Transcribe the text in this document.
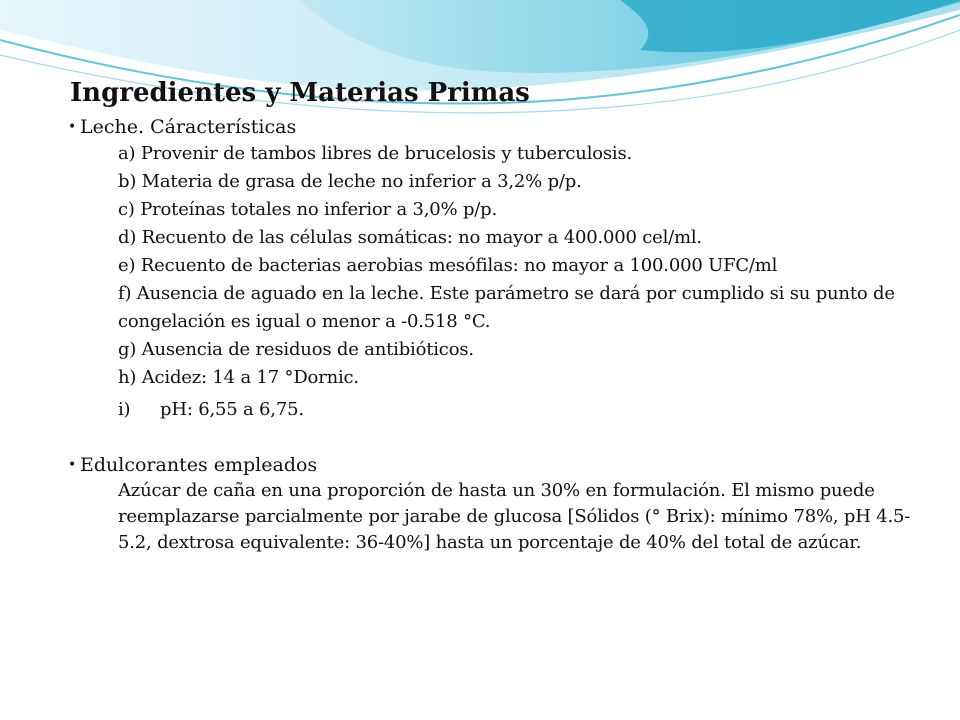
Ingredientes y Materias Primas
• Leche. Cáracterísticas
a) Provenir de tambos libres de brucelosis y tuberculosis.
b) Materia de grasa de leche no inferior a 3,2% p/p.
c) Proteínas totales no inferior a 3,0% p/p.
d) Recuento de las células somáticas: no mayor a 400.000 cel/ml.
e) Recuento de bacterias aerobias mesófilas: no mayor a 100.000 UFC/ml
f) Ausencia de aguado en la leche. Este parámetro se dará por cumplido si su punto de congelación es igual o menor a -0.518 °C.
g) Ausencia de residuos de antibióticos.
h) Acidez: 14 a 17 °Dornic.
i)	pH: 6,55 a 6,75.
• Edulcorantes empleados
Azúcar de caña en una proporción de hasta un 30% en formulación. El mismo puede reemplazarse parcialmente por jarabe de glucosa [Sólidos (° Brix): mínimo 78%, pH 4.5-5.2, dextrosa equivalente: 36-40%] hasta un porcentaje de 40% del total de azúcar.
